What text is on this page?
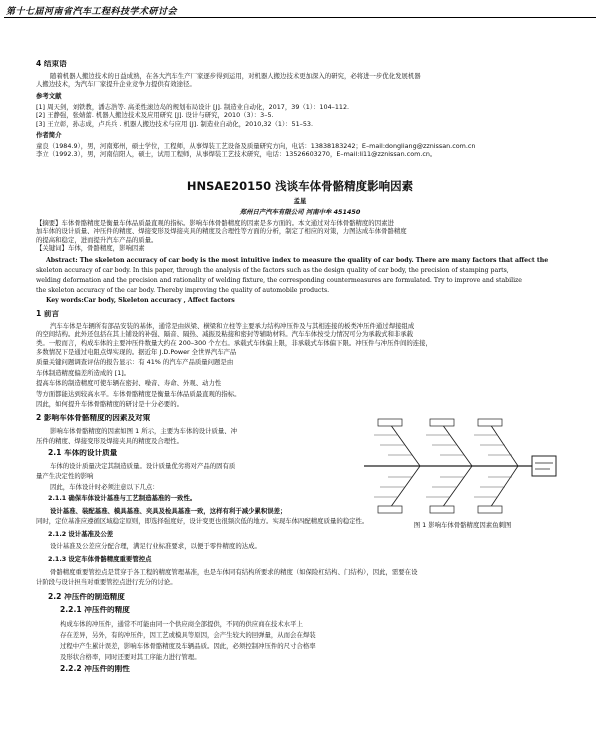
第十七届河南省汽车工程科技学术研讨会
4 结束语
随着机器人搬边技术的日益成熟，在各大汽车生产厂家逐步得到运用，对机器人搬边技术更加深入的研究，必将进一步优化发展机器
人搬边技术，为汽车厂家提升企业竞争力提供有效途径。
参考文献
[1] 周天剑，刘铁教，潘志浩等. 高柔性滚边岛的规划布局设计 [J]. 制造业自动化，2017，39（1）：104–112.
[2] 王静强，张婧蕾. 机器人搬边技术及应用研究 [J]. 设计与研究，2010（3）：3–5.
[3] 王立彰，孙志成，卢兵兵 . 机器人搬边技术与应用 [J]. 制造业自动化，2010,32（1）：51–53.
作者简介
童良（1984.9），男，河南郑州，硕士学位，工程师，从事焊装工艺设备及质量研究方向，电话：13838183242；E–mail:dongliang@zznissan.com.cn
李立（1992.3），男，河南信阳人，硕士，试用工程师，从事焊装工艺技术研究，电话：13526603270，E–mail:li11@zznissan.com.cn。
HNSAE20150 浅谈车体骨骼精度影响因素
孟星
郑州日产汽车有限公司 河南中牟 451450
【摘要】车体骨骼精度是衡量车体品质最直观的指标。影响车体骨骼精度的因素是多方面的。本文通过对车体骨骼精度的因素进
加车体的设计质量、冲压件的精度、焊接变形及焊接夹具的精度及合理性等方面的分析，制定了相应的对策，力图达成车体骨骼精度
的提高和稳定，进而提升汽车产品的质量。
【关键词】车体，骨骼精度，影响因素
Abstract: The skeleton accuracy of car body is the most intuitive index to measure the quality of car body. There are many factors that affect the
skeleton accuracy of car body. In this paper, through the analysis of the factors such as the design quality of car body, the precision of stamping parts,
welding deformation and the precision and rationality of welding fixture, the corresponding countermeasures are formulated. Try to improve and stabilize
the skeleton accuracy of the car body. Thereby improving the quality of automobile products.
Key words:Car body, Skeleton accuracy , Affect factors
1 前言
汽车车体是车辆所有部品安装的基体，通常是由纵梁、横梁和立柱等主要承力结构冲压件及与其相连接的板类冲压件通过焊接组成
的空间结构。此外还包括在其上铺设的补强、隔音、隔热、减振及粘接和密封等辅助材料。汽车车体按受力情况可分为承载式和非承载
类。一般而言，构成车体的主要冲压件数量大约在 200–300 个左右。承载式车体偏上限，非承载式车体偏下限。冲压件与冲压件间的连接，
多数情况下是通过电阻点焊实现的。据近年 J.D.Power 全世界汽车产品
质量关键问题调查评估的报告显示：有 41% 的汽车产品质量问题是由
车体制造精度偏差所造成的 [1]。
提高车体的制造精度可使车辆在密封、噪音、寿命、外观、动力性
等方面都能达到较高水平。车体骨骼精度是衡量车体品质最直观的指标。
因此，如何提升车体骨骼精度的研讨是十分必要的。
2 影响车体骨骼精度的因素及对策
影响车体骨骼精度的因素如图 1 所示，主要为车体的设计质量、冲
压件的精度、焊接变形及焊接夹具的精度及合理性。
2.1 车体的设计质量
车体的设计质量决定其制造质量。设计质量优劣将对产品的固有质
量产生决定性的影响
因此，车体设计时必须注意以下几点：
2.1.1 确保车体设计基准与工艺制造基准的一致性。
设计基准、装配基准、模具基准、夹具及检具基准一致，这样有利于减少累积误差；
同时，定位基准应遵循区域稳定原则，即选择强度好，设计变更也很频次低的地方。实现车体四配精度质量的稳定性。
2.1.2 设计基准及公差
设计基准及公差应分配合理，满足行业标准要求，以便于零件精度的达成。
2.1.3 设定车体骨骼精度重要管控点
骨骼精度重要管控点是贯穿于各工程的精度管理基准，也是车体同有结构所要求的精度（如保险杠结构、门结构），因此，需要在设
计阶段与设计担当对重要管控点进行充分的讨论。
2.2 冲压件的制造精度
2.2.1 冲压件的精度
构成车体的冲压件，通常不可能由同一个供应商全部提供，不同的供应商在技术水平上
存在差异，另外，有的冲压件，因工艺或模具等原因，会产生较大的回弹量，从而会在焊装
过程中产生累计误差，影响车体骨骼精度及车辆品质。因此，必须控制冲压件的尺寸合格率
及形状合格率，同时还要对其工序能力进行管理。
2.2.2 冲压件的刚性
图 1 影响车体骨骼精度因素鱼刺图
